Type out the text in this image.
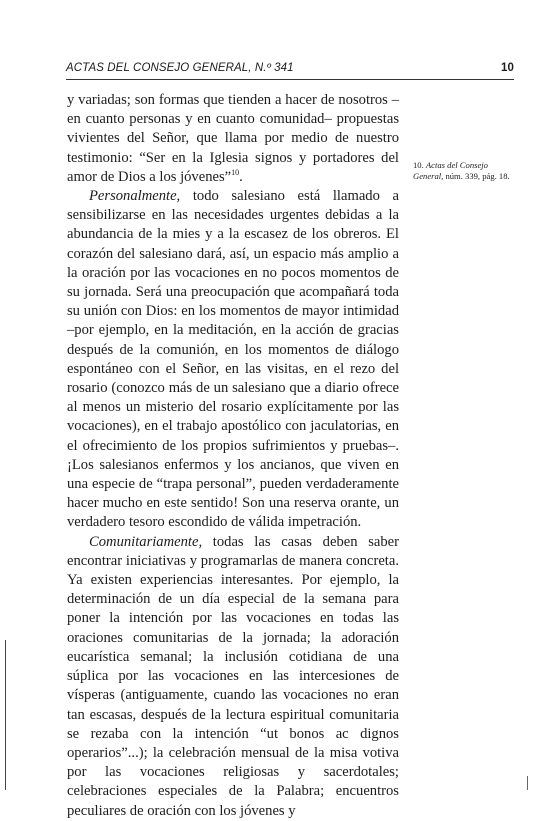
ACTAS DEL CONSEJO GENERAL, N.º 341	10

y variadas; son formas que tienden a hacer de nosotros –en cuanto personas y en cuanto comunidad– propuestas vivientes del Señor, que llama por medio de nuestro testimonio: “Ser en la Iglesia signos y portadores del amor de Dios a los jóvenes”$^{10}$.

Personalmente, todo salesiano está llamado a sensibilizarse en las necesidades urgentes debidas a la abundancia de la mies y a la escasez de los obreros. El corazón del salesiano dará, así, un espacio más amplio a la oración por las vocaciones en no pocos momentos de su jornada. Será una preocupación que acompañará toda su unión con Dios: en los momentos de mayor intimidad –por ejemplo, en la meditación, en la acción de gracias después de la comunión, en los momentos de diálogo espontáneo con el Señor, en las visitas, en el rezo del rosario (conozco más de un salesiano que a diario ofrece al menos un misterio del rosario explícitamente por las vocaciones), en el trabajo apostólico con jaculatorias, en el ofrecimiento de los propios sufrimientos y pruebas–. ¡Los salesianos enfermos y los ancianos, que viven en una especie de “trapa personal”, pueden verdaderamente hacer mucho en este sentido! Son una reserva orante, un verdadero tesoro escondido de válida impetración.

Comunitariamente, todas las casas deben saber encontrar iniciativas y programarlas de manera concreta. Ya existen experiencias interesantes. Por ejemplo, la determinación de un día especial de la semana para poner la intención por las vocaciones en todas las oraciones comunitarias de la jornada; la adoración eucarística semanal; la inclusión cotidiana de una súplica por las vocaciones en las intercesiones de vísperas (antiguamente, cuando las vocaciones no eran tan escasas, después de la lectura espiritual comunitaria se rezaba con la intención “ut bonos ac dignos operarios”...); la celebración mensual de la misa votiva por las vocaciones religiosas y sacerdotales; celebraciones especiales de la Palabra; encuentros peculiares de oración con los jóvenes y

10. Actas del Consejo General, núm. 339, pág. 18.
